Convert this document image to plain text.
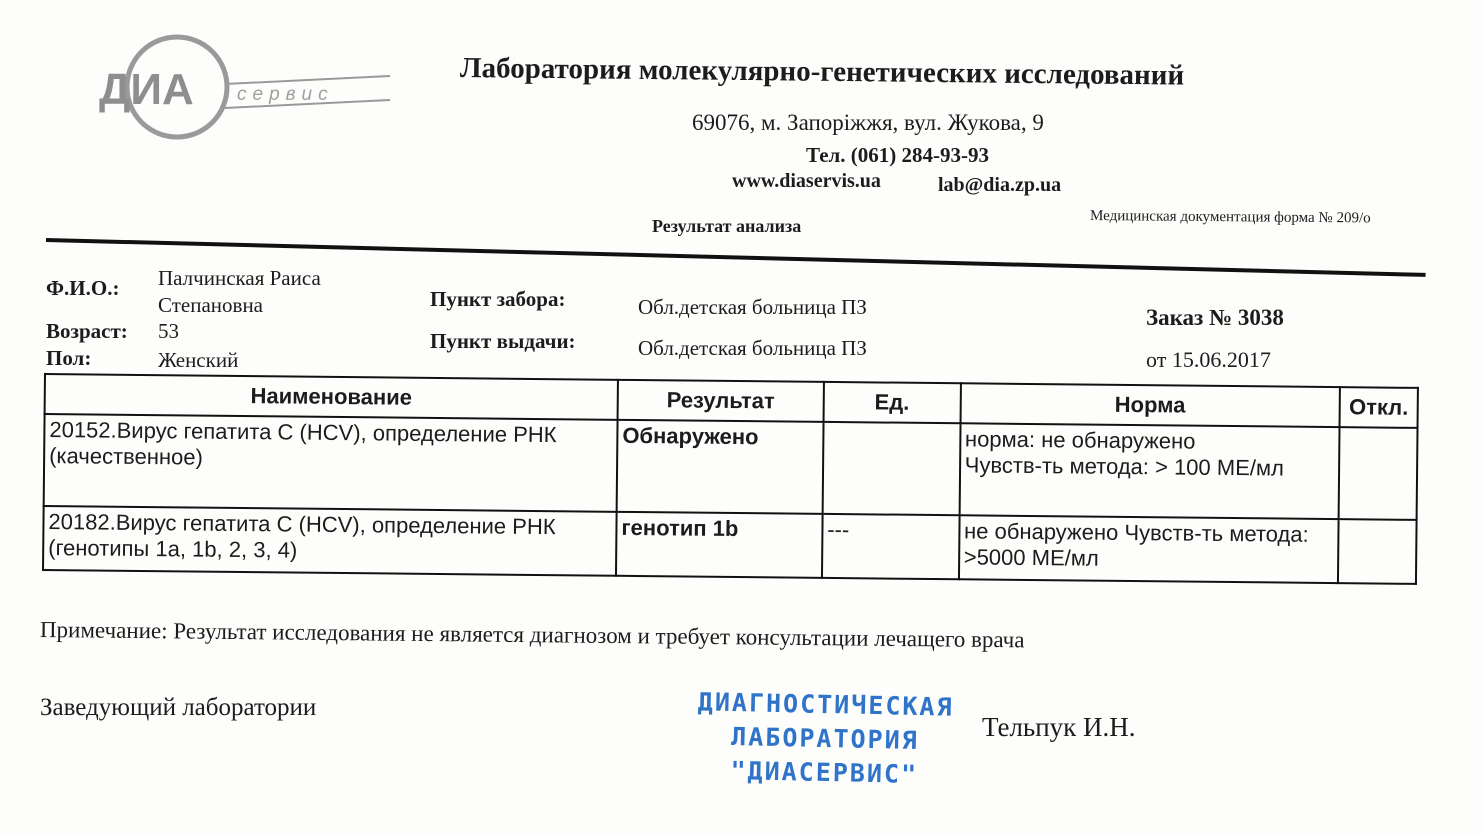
ДИА сервис
Лаборатория молекулярно-генетических исследований
69076, м. Запоріжжя, вул. Жукова, 9
Тел. (061) 284-93-93
www.diaservis.ua	lab@dia.zp.ua
Результат анализа	Медицинская документация форма № 209/о
Ф.И.О.: Палчинская Раиса
Степановна
Возраст: 53
Пол:	Женский
Пункт забора:	Обл.детская больница ПЗ
Пункт выдачи:	Обл.детская больница ПЗ
Заказ № 3038
от 15.06.2017
Наименование	Результат	Ед.	Норма	Откл.
20152.Вирус гепатита С (HCV), определение РНК (качественное)	Обнаружено		норма: не обнаружено
Чувств-ть метода: > 100 МЕ/мл	

20182.Вирус гепатита С (HCV), определение РНК (генотипы 1а, 1b, 2, 3, 4)	генотип 1b	---	не обнаружено Чувств-ть метода: >5000 МЕ/мл	

Примечание: Результат исследования не является диагнозом и требует консультации лечащего врача
Заведующий лаборатории
Тельпук И.Н.
ДИАГНОСТИЧЕСКАЯ
ЛАБОРАТОРИЯ
"ДИАСЕРВИС"
